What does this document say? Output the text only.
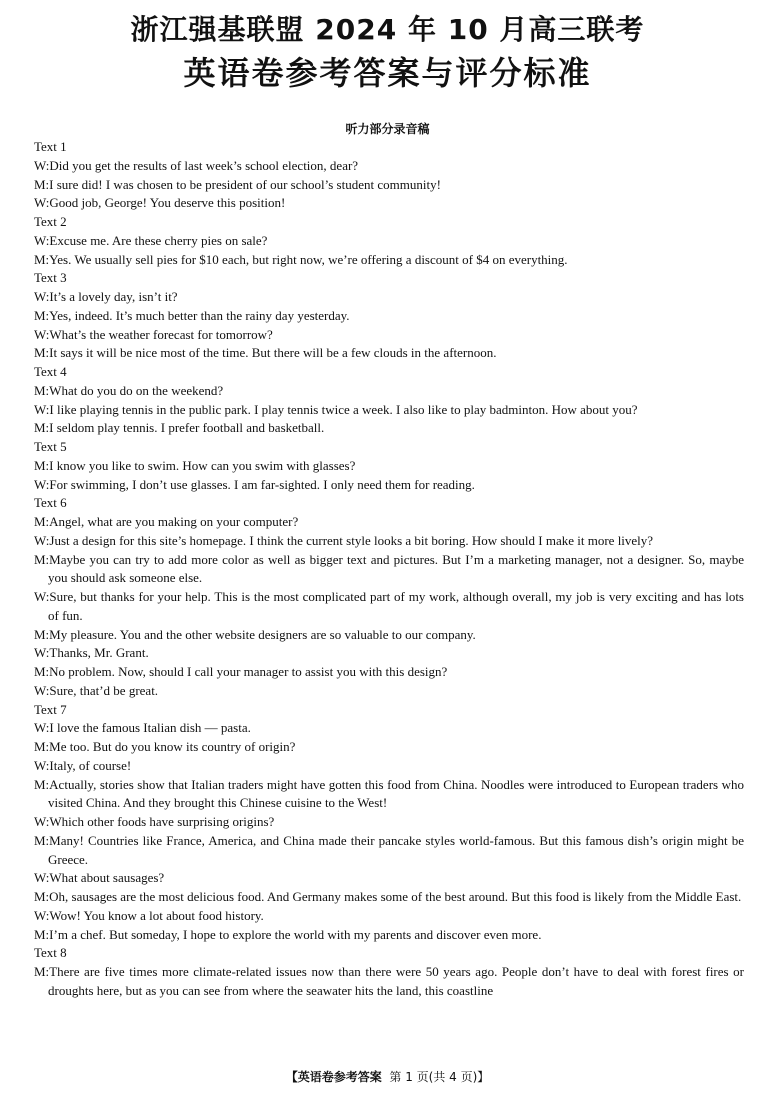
浙江强基联盟 2024 年 10 月高三联考
英语卷参考答案与评分标准
听力部分录音稿
Text 1
W:Did you get the results of last week’s school election, dear?
M:I sure did! I was chosen to be president of our school’s student community!
W:Good job, George! You deserve this position!
Text 2
W:Excuse me. Are these cherry pies on sale?
M:Yes. We usually sell pies for $10 each, but right now, we’re offering a discount of $4 on everything.
Text 3
W:It’s a lovely day, isn’t it?
M:Yes, indeed. It’s much better than the rainy day yesterday.
W:What’s the weather forecast for tomorrow?
M:It says it will be nice most of the time. But there will be a few clouds in the afternoon.
Text 4
M:What do you do on the weekend?
W:I like playing tennis in the public park. I play tennis twice a week. I also like to play badminton. How about you?
M:I seldom play tennis. I prefer football and basketball.
Text 5
M:I know you like to swim. How can you swim with glasses?
W:For swimming, I don’t use glasses. I am far-sighted. I only need them for reading.
Text 6
M:Angel, what are you making on your computer?
W:Just a design for this site’s homepage. I think the current style looks a bit boring. How should I make it more lively?
M:Maybe you can try to add more color as well as bigger text and pictures. But I’m a marketing manager, not a designer. So, maybe you should ask someone else.
W:Sure, but thanks for your help. This is the most complicated part of my work, although overall, my job is very exciting and has lots of fun.
M:My pleasure. You and the other website designers are so valuable to our company.
W:Thanks, Mr. Grant.
M:No problem. Now, should I call your manager to assist you with this design?
W:Sure, that’d be great.
Text 7
W:I love the famous Italian dish — pasta.
M:Me too. But do you know its country of origin?
W:Italy, of course!
M:Actually, stories show that Italian traders might have gotten this food from China. Noodles were introduced to European traders who visited China. And they brought this Chinese cuisine to the West!
W:Which other foods have surprising origins?
M:Many! Countries like France, America, and China made their pancake styles world-famous. But this famous dish’s origin might be Greece.
W:What about sausages?
M:Oh, sausages are the most delicious food. And Germany makes some of the best around. But this food is likely from the Middle East.
W:Wow! You know a lot about food history.
M:I’m a chef. But someday, I hope to explore the world with my parents and discover even more.
Text 8
M:There are five times more climate-related issues now than there were 50 years ago. People don’t have to deal with forest fires or droughts here, but as you can see from where the seawater hits the land, this coastline
【英语卷参考答案 第 1 页(共 4 页)】
